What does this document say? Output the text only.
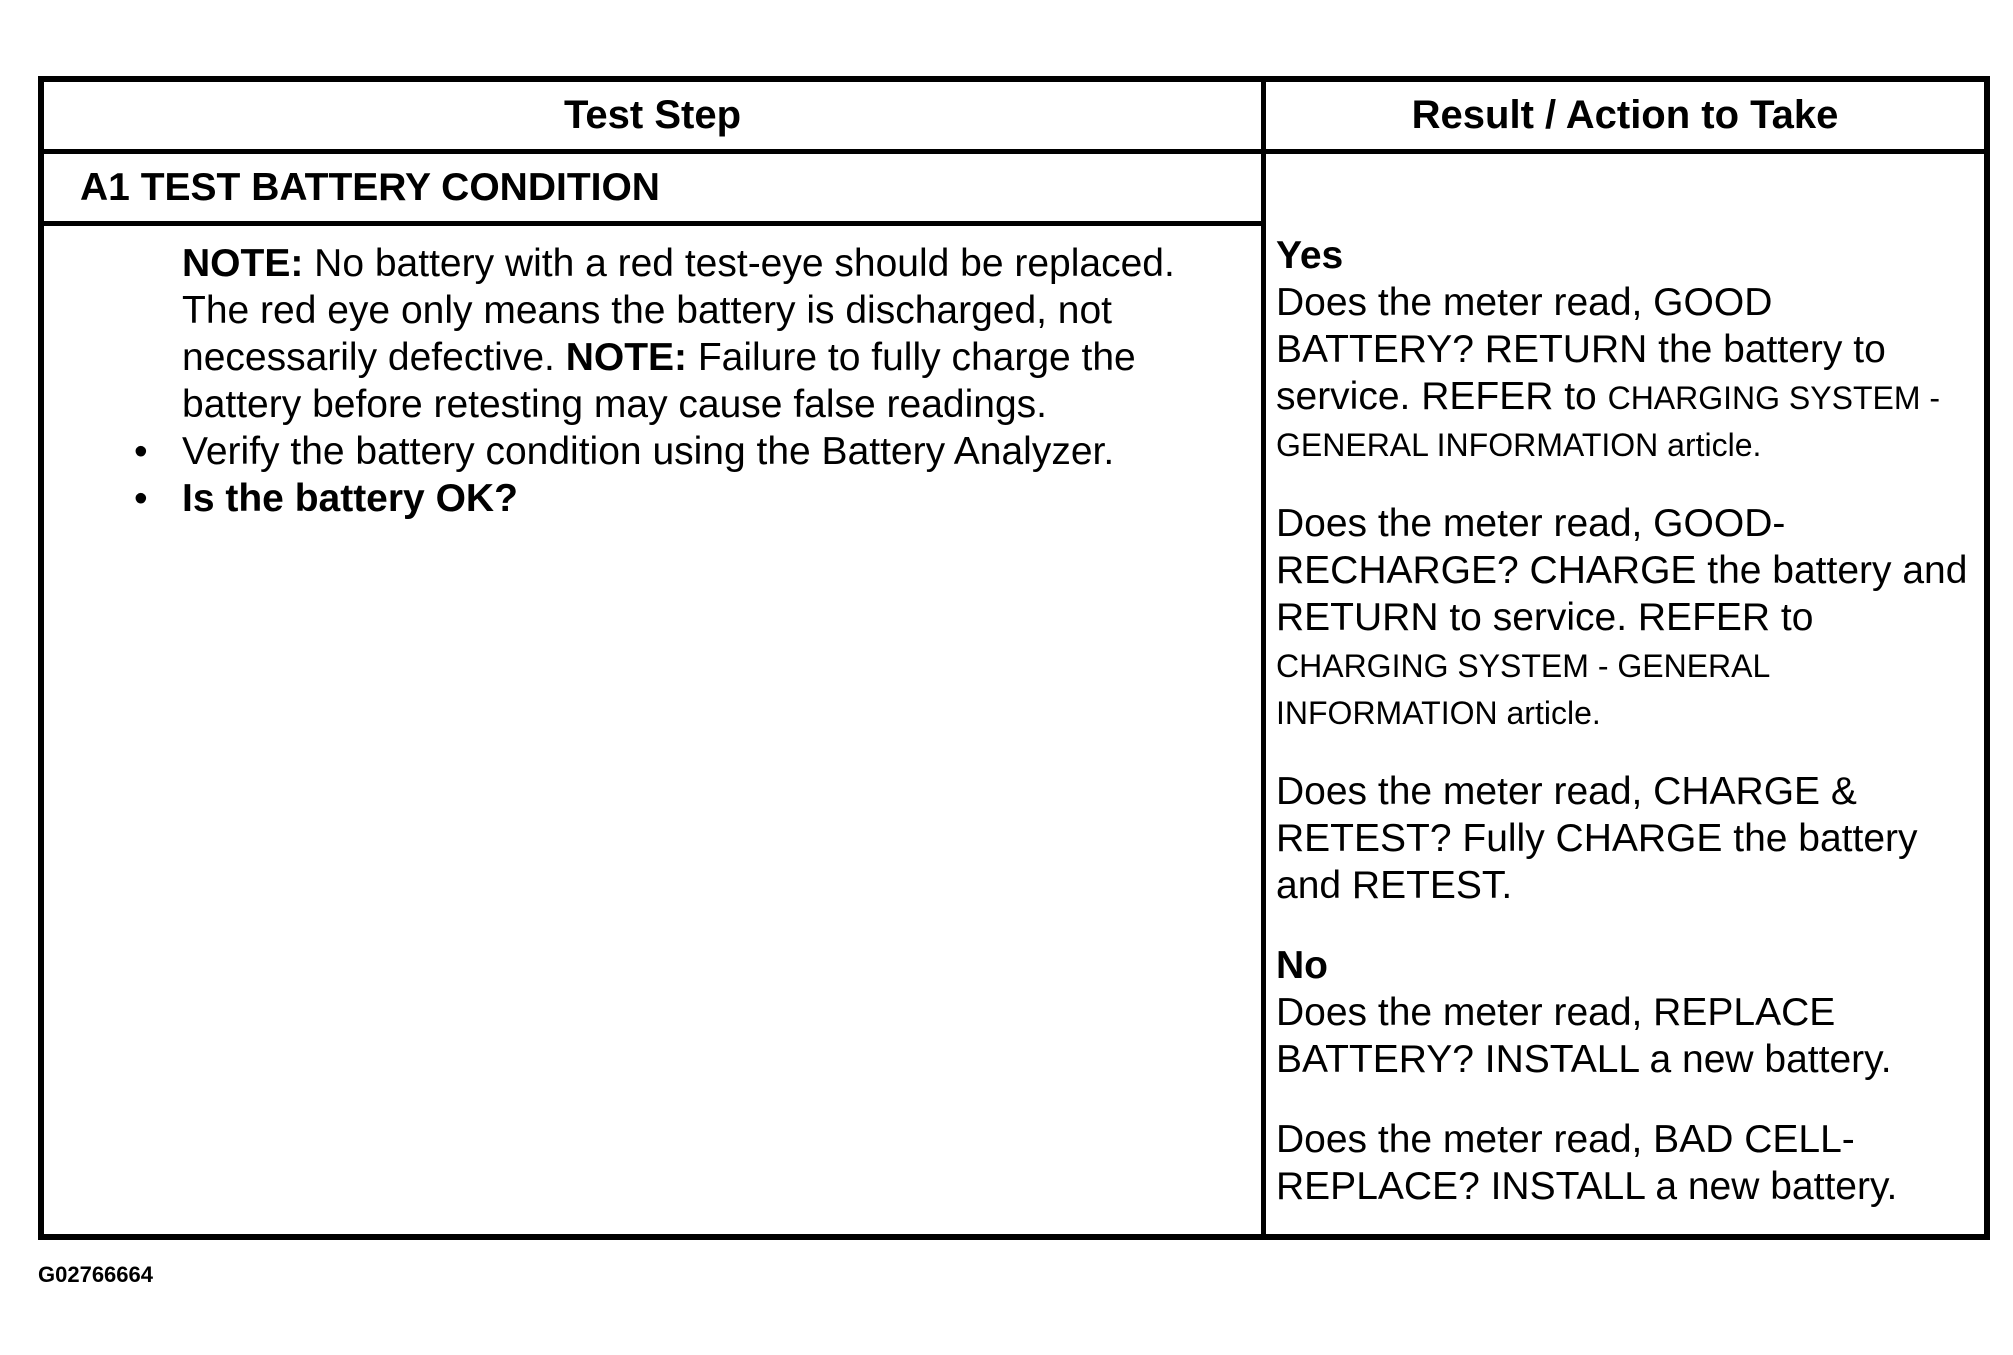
Test Step	Result / Action to Take
A1 TEST BATTERY CONDITION

NOTE: No battery with a red test-eye should be replaced. The red eye only means the battery is discharged, not necessarily defective. NOTE: Failure to fully charge the battery before retesting may cause false readings.

• Verify the battery condition using the Battery Analyzer.
• Is the battery OK?

Yes

Does the meter read, GOOD BATTERY? RETURN the battery to service. REFER to CHARGING SYSTEM - GENERAL INFORMATION article.

Does the meter read, GOOD-RECHARGE? CHARGE the battery and RETURN to service. REFER to CHARGING SYSTEM - GENERAL INFORMATION article.

Does the meter read, CHARGE & RETEST? Fully CHARGE the battery and RETEST.

No

Does the meter read, REPLACE BATTERY? INSTALL a new battery.

Does the meter read, BAD CELL-REPLACE? INSTALL a new battery.

G02766664
